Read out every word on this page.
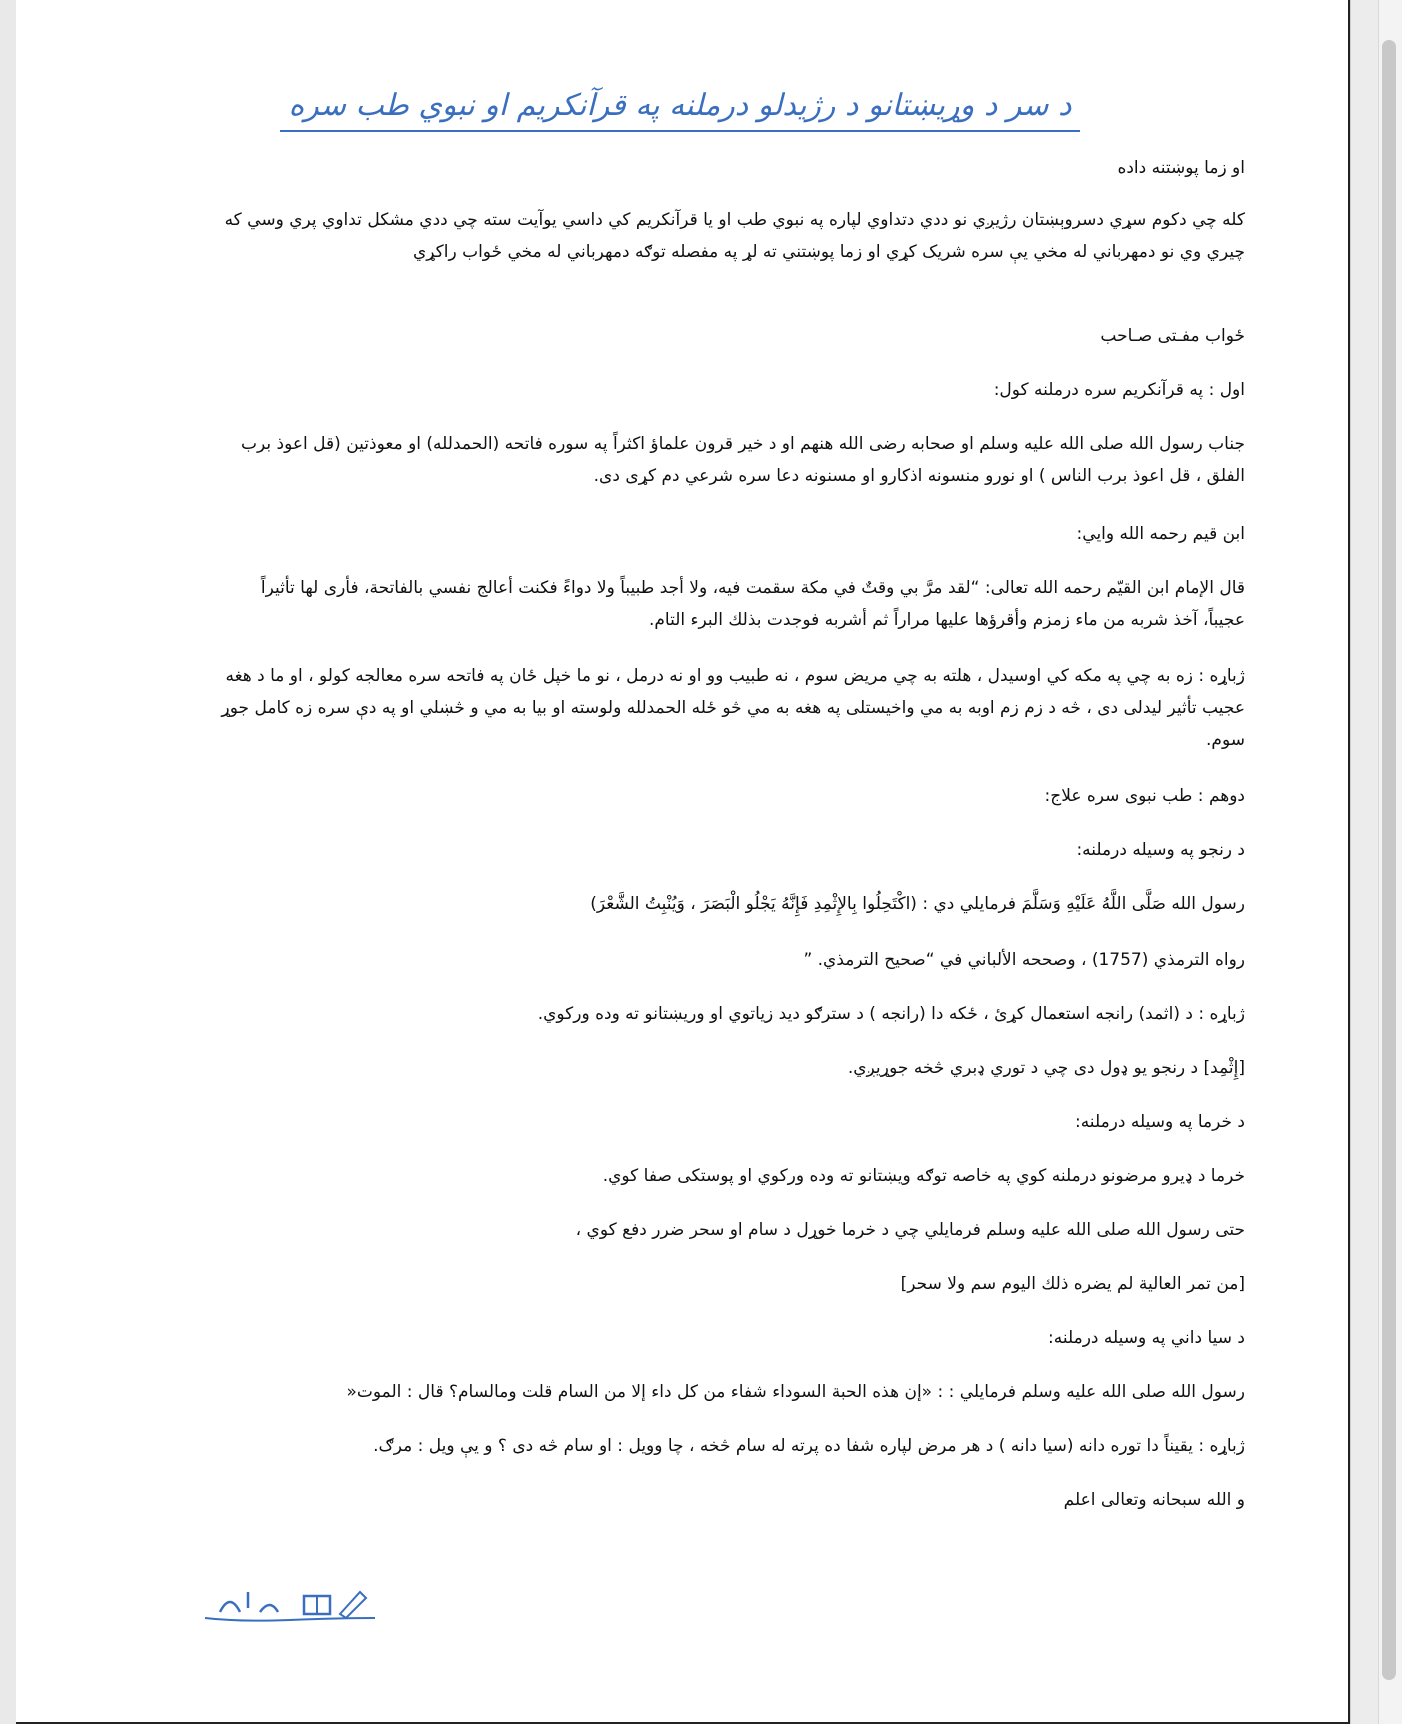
د سر د وړیښتانو د رژیدلو درملنه په قرآنکریم او نبوي طب سره

او زما پوښتنه داده

کله چي دکوم سړي دسروېښتان رژیږي نو ددي دتداوي لپاره په نبوي طب او یا قرآنکریم کي داسي یوآیت سته چي ددي مشکل تداوي پري وسي که چیري وي نو دمهرباني له مخي یې سره شریک کړي او زما پوښتني ته لړ په مفصله توګه دمهرباني له مخي ځواب راکړي

ځواب مفـتی صـاحب

اول : په قرآنکریم سره درملنه کول:

جناب رسول الله صلی الله علیه وسلم او صحابه رضی الله هنهم او د خیر قرون علماؤ اکثراً په سوره فاتحه (الحمدلله) او معوذتین (قل اعوذ برب الفلق ، قل اعوذ برب الناس ) او نورو منسونه اذکارو او مسنونه دعا سره شرعي دم کړی دی.

ابن قیم رحمه الله وایي:

قال الإمام ابن القيّم رحمه الله تعالى: “لقد مرَّ بي وقتٌ في مكة سقمت فيه، ولا أجد طبيباً ولا دواءً فكنت أعالج نفسي بالفاتحة، فأرى لها تأثيراً عجيباً، آخذ شربه من ماء زمزم وأقرؤها عليها مراراً ثم أشربه فوجدت بذلك البرء التام.

ژباړه : زه به چي په مکه کي اوسیدل ، هلته به چي مریض سوم ، نه طبیب وو او نه درمل ، نو ما خپل ځان په فاتحه سره معالجه کولو ، او ما د هغه عجیب تأثیر لیدلی دی ، څه د زم زم اوبه به مي واخیستلی په هغه به مي څو ځله الحمدلله ولوسته او بیا به مي و څښلي او په دې سره زه کامل جوړ سوم.

دوهم : طب نبوی سره علاج:

د رنجو په وسیله درملنه:

رسول الله صَلَّى اللَّهُ عَلَيْهِ وَسَلَّمَ فرمایلي دي : (اكْتَحِلُوا بِالإِثْمِدِ فَإِنَّهُ يَجْلُو الْبَصَرَ ، وَيُنْبِتُ الشَّعْرَ)

رواه الترمذي (1757) ، وصححه الألباني في “صحيح الترمذي. ”

ژباړه : د (اثمد) رانجه استعمال کړئ ، ځکه دا (رانجه ) د سترګو دید زیاتوي او وریښتانو ته وده ورکوي.

[إِثْمِد] د رنجو یو ډول دی چي د توري ډبري څخه جوړیږي.

د خرما په وسیله درملنه:

خرما د ډیرو مرضونو درملنه کوي په خاصه توګه ویښتانو ته وده ورکوي او پوستکی صفا کوي.

حتی رسول الله صلی الله علیه وسلم فرمایلي چي د خرما خوړل د سام او سحر ضرر دفع کوي ،

[من تمر العالیة لم یضره ذلك الیوم سم ولا سحر]

د سیا داني په وسیله درملنه:

رسول الله صلی الله علیه وسلم فرمایلي : : «إن هذه الحبة السوداء شفاء من كل داء إلا من السام قلت ومالسام؟ قال : الموت«

ژباړه : یقیناً دا توره دانه (سیا دانه ) د هر مرض لپاره شفا ده پرته له سام څخه ، چا وویل : او سام څه دی ؟ و یې ویل : مرګ.

و الله سبحانه وتعالی اعلم
